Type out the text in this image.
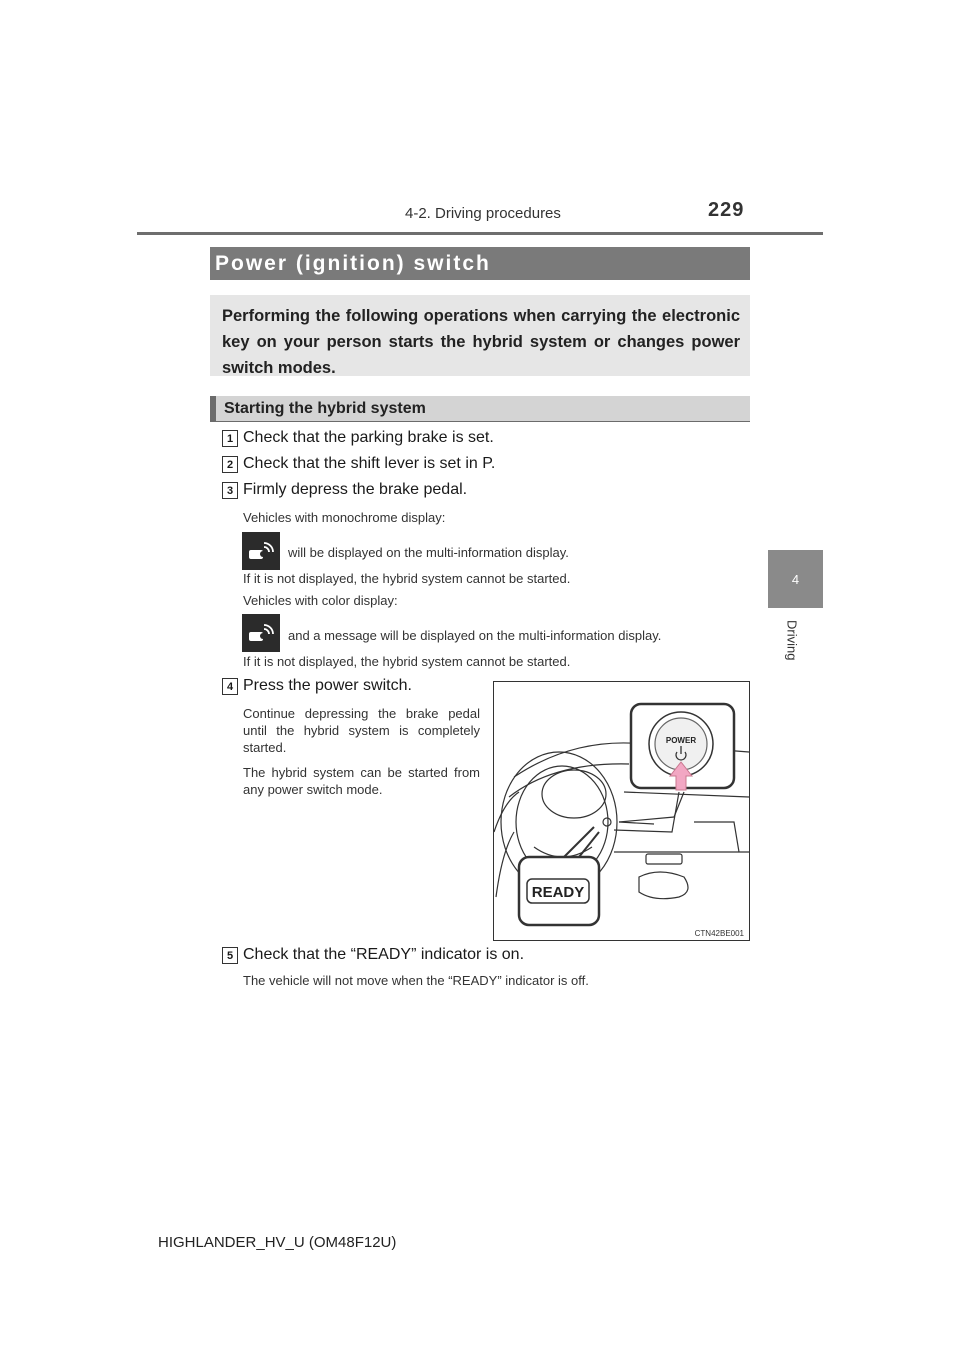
4-2. Driving procedures	229
4
Driving
Power (ignition) switch
Performing the following operations when carrying the electronic key on your person starts the hybrid system or changes power switch modes.
Starting the hybrid system
1 Check that the parking brake is set.
2 Check that the shift lever is set in P.
3 Firmly depress the brake pedal.
Vehicles with monochrome display:
will be displayed on the multi-information display.
If it is not displayed, the hybrid system cannot be started.
Vehicles with color display:
and a message will be displayed on the multi-information display.
If it is not displayed, the hybrid system cannot be started.
4 Press the power switch.
Continue depressing the brake pedal until the hybrid system is completely started.
The hybrid system can be started from any power switch mode.
POWER
READY
CTN42BE001
5 Check that the “READY” indicator is on.
The vehicle will not move when the “READY” indicator is off.
HIGHLANDER_HV_U (OM48F12U)
